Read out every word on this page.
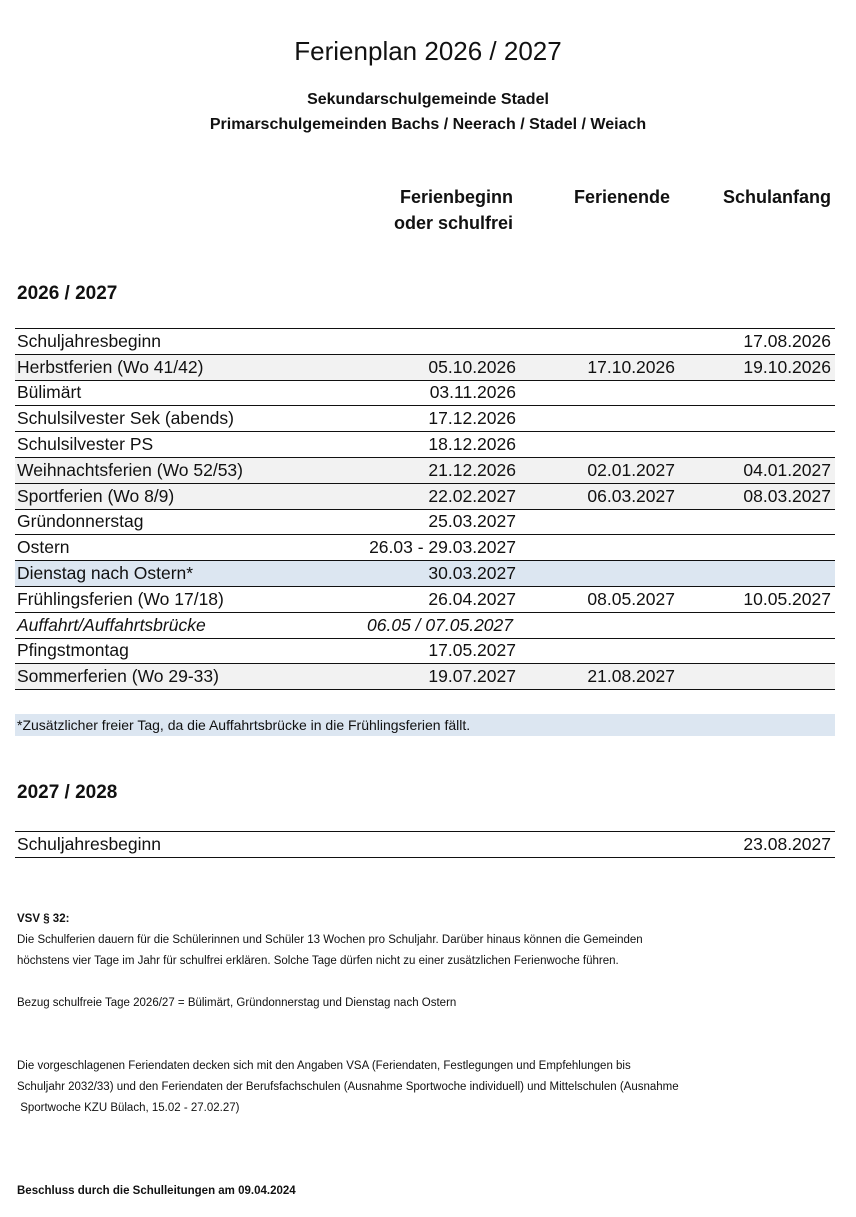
Ferienplan 2026 / 2027
Sekundarschulgemeinde Stadel
Primarschulgemeinden Bachs / Neerach / Stadel / Weiach
Ferienbeginn
oder schulfrei
Ferienende	Schulanfang
2026 / 2027
Schuljahresbeginn			17.08.2026
Herbstferien (Wo 41/42)	05.10.2026	17.10.2026	19.10.2026
Bülimärt	03.11.2026		
Schulsilvester Sek (abends)	17.12.2026		
Schulsilvester PS	18.12.2026		
Weihnachtsferien (Wo 52/53)	21.12.2026	02.01.2027	04.01.2027
Sportferien (Wo 8/9)	22.02.2027	06.03.2027	08.03.2027
Gründonnerstag	25.03.2027		
Ostern	26.03 - 29.03.2027		
Dienstag nach Ostern*	30.03.2027		
Frühlingsferien (Wo 17/18)	26.04.2027	08.05.2027	10.05.2027
Auffahrt/Auffahrtsbrücke	06.05 / 07.05.2027		
Pfingstmontag	17.05.2027		
Sommerferien (Wo 29-33)	19.07.2027	21.08.2027	
*Zusätzlicher freier Tag, da die Auffahrtsbrücke in die Frühlingsferien fällt.
2027 / 2028
Schuljahresbeginn			23.08.2027
VSV § 32:
Die Schulferien dauern für die Schülerinnen und Schüler 13 Wochen pro Schuljahr. Darüber hinaus können die Gemeinden
höchstens vier Tage im Jahr für schulfrei erklären. Solche Tage dürfen nicht zu einer zusätzlichen Ferienwoche führen.
Bezug schulfreie Tage 2026/27 = Bülimärt, Gründonnerstag und Dienstag nach Ostern
Die vorgeschlagenen Feriendaten decken sich mit den Angaben VSA (Feriendaten, Festlegungen und Empfehlungen bis
Schuljahr 2032/33) und den Feriendaten der Berufsfachschulen (Ausnahme Sportwoche individuell) und Mittelschulen (Ausnahme
Sportwoche KZU Bülach, 15.02 - 27.02.27)
Beschluss durch die Schulleitungen am 09.04.2024
